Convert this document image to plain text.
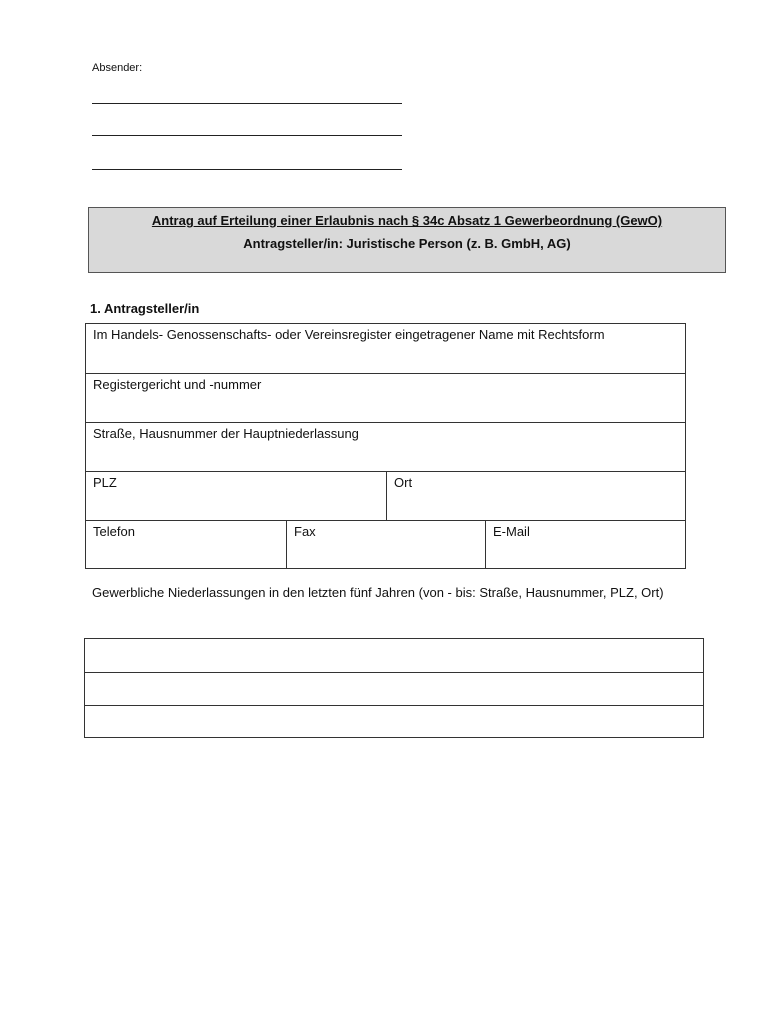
Absender:
Antrag auf Erteilung einer Erlaubnis nach § 34c Absatz 1 Gewerbeordnung (GewO)
Antragsteller/in: Juristische Person (z. B. GmbH, AG)
1. Antragsteller/in
Im Handels- Genossenschafts- oder Vereinsregister eingetragener Name mit Rechtsform
Registergericht und -nummer
Straße, Hausnummer der Hauptniederlassung
PLZ	Ort
Telefon	Fax	E-Mail
Gewerbliche Niederlassungen in den letzten fünf Jahren (von - bis: Straße, Hausnummer, PLZ, Ort)
